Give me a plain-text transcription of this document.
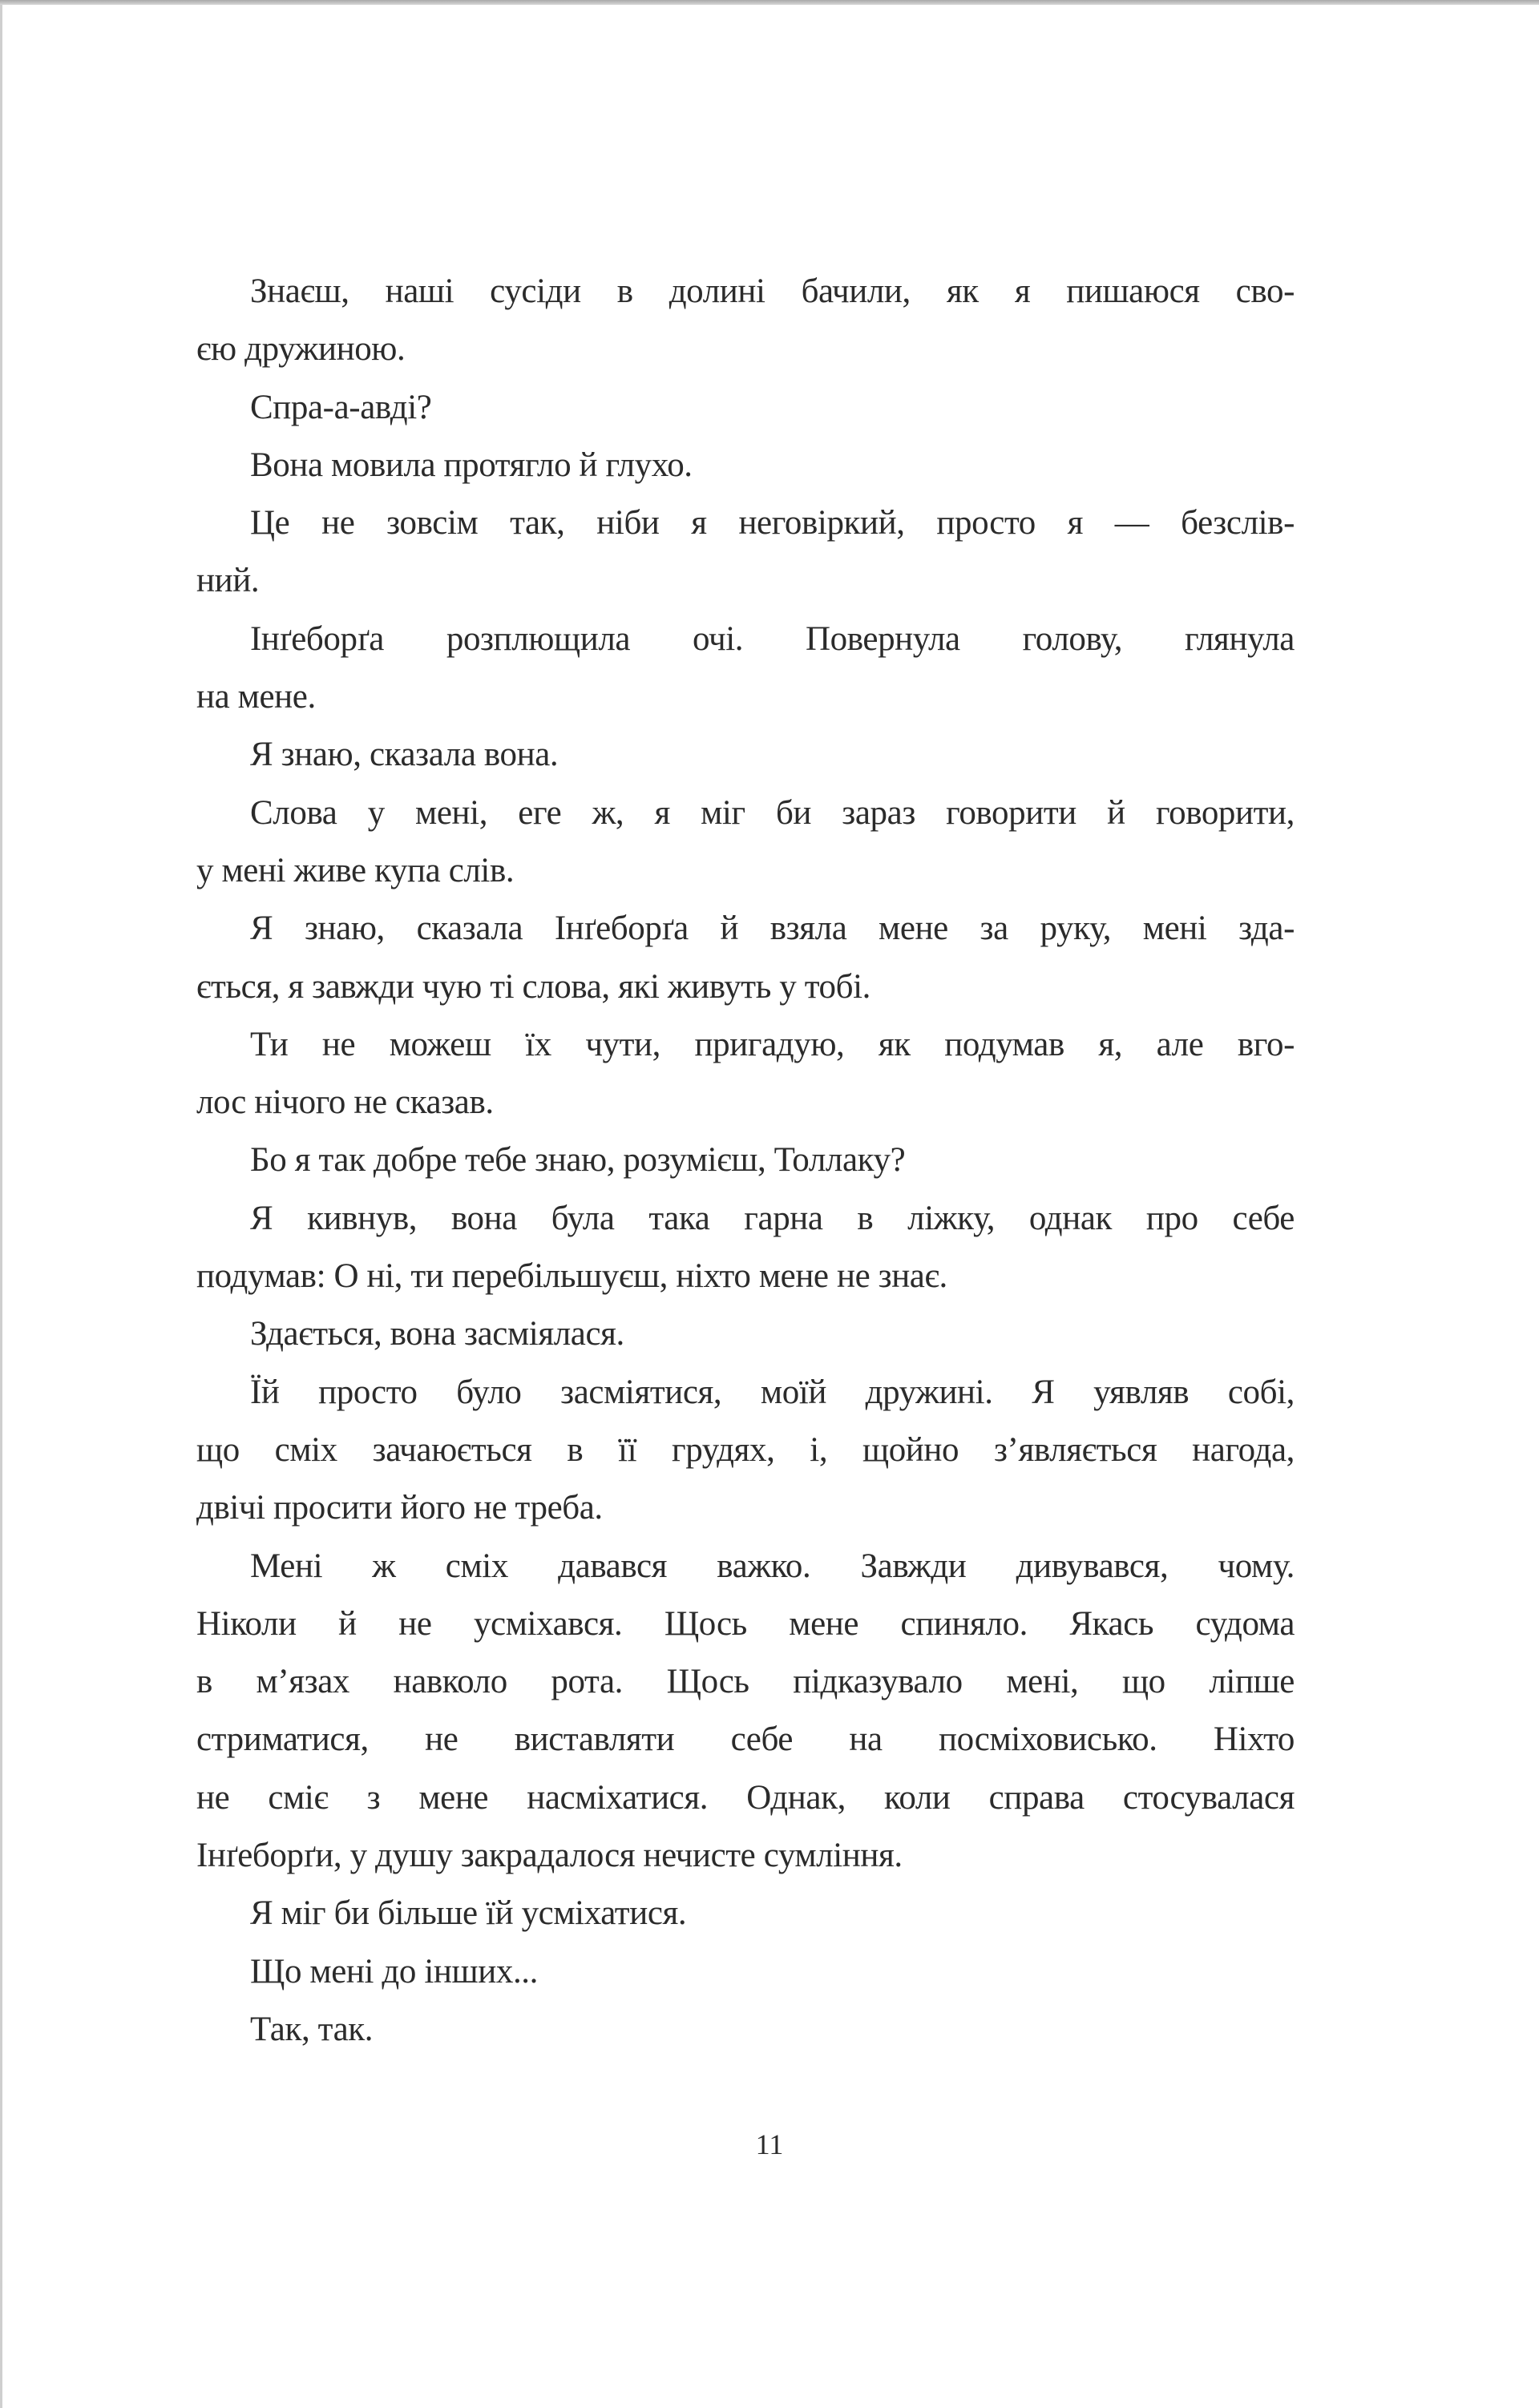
Знаєш, наші сусіди в долині бачили, як я пишаюся сво-
єю дружиною.
Спра-а-авді?
Вона мовила протягло й глухо.
Це не зовсім так, ніби я неговіркий, просто я — безслів-
ний.
Інґеборґа розплющила очі. Повернула голову, глянула
на мене.
Я знаю, сказала вона.
Слова у мені, еге ж, я міг би зараз говорити й говорити,
у мені живе купа слів.
Я знаю, сказала Інґеборґа й взяла мене за руку, мені зда-
ється, я завжди чую ті слова, які живуть у тобі.
Ти не можеш їх чути, пригадую, як подумав я, але вго-
лос нічого не сказав.
Бо я так добре тебе знаю, розумієш, Толлаку?
Я кивнув, вона була така гарна в ліжку, однак про себе
подумав: О ні, ти перебільшуєш, ніхто мене не знає.
Здається, вона засміялася.
Їй просто було засміятися, моїй дружині. Я уявляв собі,
що сміх зачаюється в її грудях, і, щойно з’являється нагода,
двічі просити його не треба.
Мені ж сміх давався важко. Завжди дивувався, чому.
Ніколи й не усміхався. Щось мене спиняло. Якась судома
в м’язах навколо рота. Щось підказувало мені, що ліпше
стриматися, не виставляти себе на посміховисько. Ніхто
не сміє з мене насміхатися. Однак, коли справа стосувалася
Інґеборґи, у душу закрадалося нечисте сумління.
Я міг би більше їй усміхатися.
Що мені до інших...
Так, так.
11
